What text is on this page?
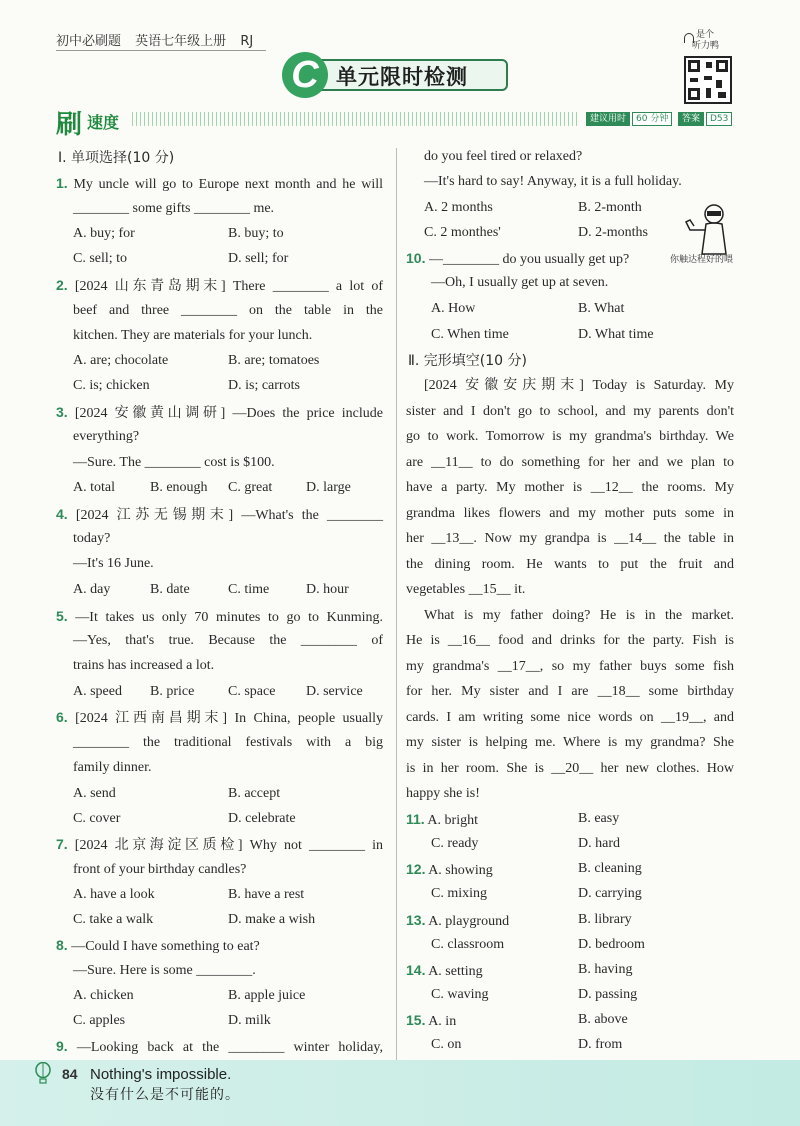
初中必刷题 英语七年级上册 RJ
C 单元限时检测
是个
听力鸭
刷 速度	建议用时	60 分钟	答案	D53
Ⅰ. 单项选择(10 分)
1. My uncle will go to Europe next month and he will
________ some gifts ________ me.
A. buy; for	B. buy; to
C. sell; to	D. sell; for
2. [2024 山东青岛期末] There ________ a lot of
beef and three ________ on the table in the
kitchen. They are materials for your lunch.
A. are; chocolate	B. are; tomatoes
C. is; chicken	D. is; carrots
3. [2024 安徽黄山调研] —Does the price include
everything?
—Sure. The ________ cost is $100.
A. total	B. enough C. great D. large
4. [2024 江苏无锡期末] —What's the ________
today?
—It's 16 June.
A. day	B. date	C. time	D. hour
5. —It takes us only 70 minutes to go to Kunming.
—Yes, that's true. Because the ________ of
trains has increased a lot.
A. speed B. price C. space D. service
6. [2024 江西南昌期末] In China, people usually
________ the traditional festivals with a big
family dinner.
A. send	B. accept
C. cover	D. celebrate
7. [2024 北京海淀区质检] Why not ________ in
front of your birthday candles?
A. have a look	B. have a rest
C. take a walk	D. make a wish
8. —Could I have something to eat?
—Sure. Here is some ________.
A. chicken	B. apple juice
C. apples	D. milk
9. —Looking back at the ________ winter holiday,
do you feel tired or relaxed?
—It's hard to say! Anyway, it is a full holiday.
A. 2 months	B. 2-month
C. 2 monthes'	D. 2-months
10. —________ do you usually get up?
—Oh, I usually get up at seven.
A. How	B. What
C. When time	D. What time
Ⅱ. 完形填空(10 分)
[2024 安徽安庆期末] Today is Saturday. My
sister and I don't go to school, and my parents don't
go to work. Tomorrow is my grandma's birthday. We
are __11__ to do something for her and we plan to
have a party. My mother is __12__ the rooms. My
grandma likes flowers and my mother puts some in
her __13__. Now my grandpa is __14__ the table in
the dining room. He wants to put the fruit and
vegetables __15__ it.
What is my father doing? He is in the market.
He is __16__ food and drinks for the party. Fish is
my grandma's __17__, so my father buys some fish
for her. My sister and I are __18__ some birthday
cards. I am writing some nice words on __19__, and
my sister is helping me. Where is my grandma? She
is in her room. She is __20__ her new clothes. How
happy she is!
11. A. bright	B. easy
C. ready	D. hard
12. A. showing	B. cleaning
C. mixing	D. carrying
13. A. playground	B. library
C. classroom	D. bedroom
14. A. setting	B. having
C. waving	D. passing
15. A. in	B. above
C. on	D. from
你触达程好的喂
84 Nothing's impossible.
没有什么是不可能的。
